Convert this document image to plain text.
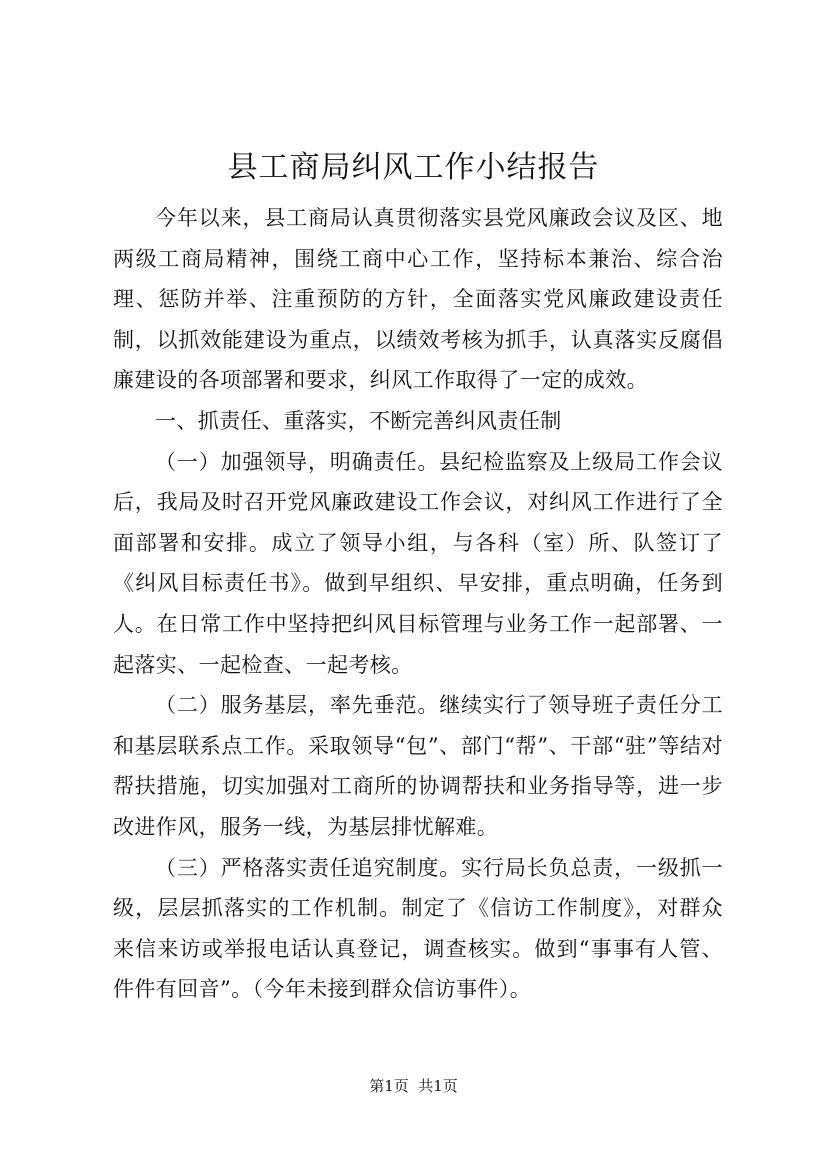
县工商局纠风工作小结报告

今年以来，县工商局认真贯彻落实县党风廉政会议及区、地两级工商局精神，围绕工商中心工作，坚持标本兼治、综合治理、惩防并举、注重预防的方针，全面落实党风廉政建设责任制，以抓效能建设为重点，以绩效考核为抓手，认真落实反腐倡廉建设的各项部署和要求，纠风工作取得了一定的成效。

一、抓责任、重落实，不断完善纠风责任制

（一）加强领导，明确责任。县纪检监察及上级局工作会议后，我局及时召开党风廉政建设工作会议，对纠风工作进行了全面部署和安排。成立了领导小组，与各科（室）所、队签订了《纠风目标责任书》。做到早组织、早安排，重点明确，任务到人。在日常工作中坚持把纠风目标管理与业务工作一起部署、一起落实、一起检查、一起考核。

（二）服务基层，率先垂范。继续实行了领导班子责任分工和基层联系点工作。采取领导“包”、部门“帮”、干部“驻”等结对帮扶措施，切实加强对工商所的协调帮扶和业务指导等，进一步改进作风，服务一线，为基层排忧解难。

（三）严格落实责任追究制度。实行局长负总责，一级抓一级，层层抓落实的工作机制。制定了《信访工作制度》，对群众来信来访或举报电话认真登记，调查核实。做到“事事有人管、件件有回音”。（今年未接到群众信访事件）。

第1页  共1页
